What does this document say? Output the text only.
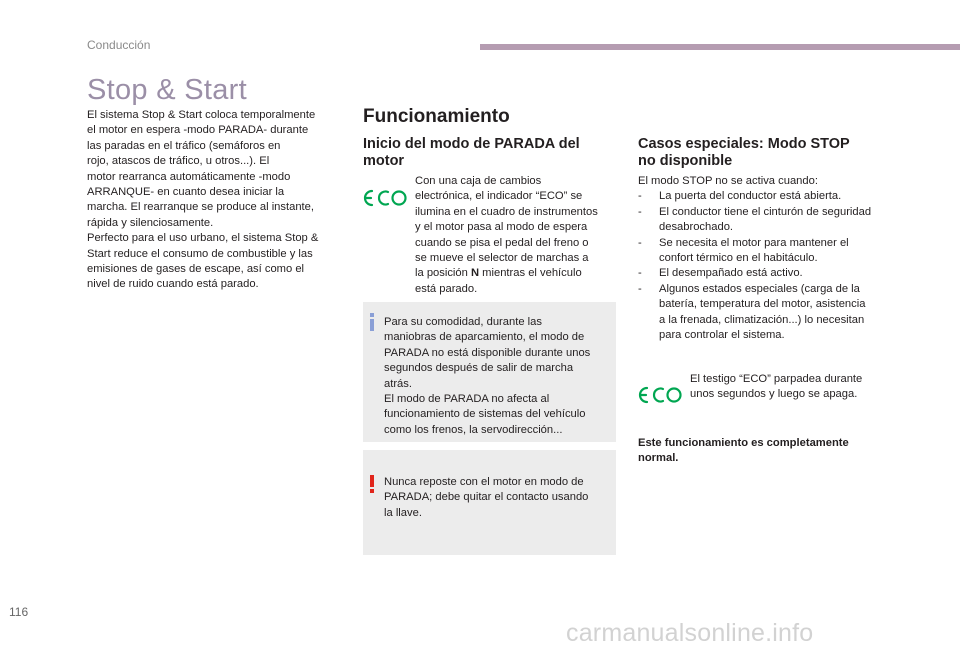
Conducción
Stop & Start
El sistema Stop & Start coloca temporalmente
el motor en espera -modo PARADA- durante
las paradas en el tráfico (semáforos en
rojo, atascos de tráfico, u otros...). El
motor rearranca automáticamente -modo
ARRANQUE- en cuanto desea iniciar la
marcha. El rearranque se produce al instante,
rápida y silenciosamente.
Perfecto para el uso urbano, el sistema Stop &
Start reduce el consumo de combustible y las
emisiones de gases de escape, así como el
nivel de ruido cuando está parado.
Funcionamiento
Inicio del modo de PARADA del
motor
Con una caja de cambios
electrónica, el indicador “ECO” se
ilumina en el cuadro de instrumentos
y el motor pasa al modo de espera
cuando se pisa el pedal del freno o
se mueve el selector de marchas a
la posición N mientras el vehículo
está parado.
Para su comodidad, durante las
maniobras de aparcamiento, el modo de
PARADA no está disponible durante unos
segundos después de salir de marcha
atrás.
El modo de PARADA no afecta al
funcionamiento de sistemas del vehículo
como los frenos, la servodirección...
Nunca reposte con el motor en modo de
PARADA; debe quitar el contacto usando
la llave.
Casos especiales: Modo STOP
no disponible
El modo STOP no se activa cuando:
- La puerta del conductor está abierta.
- El conductor tiene el cinturón de seguridad
desabrochado.
- Se necesita el motor para mantener el
confort térmico en el habitáculo.
- El desempañado está activo.
- Algunos estados especiales (carga de la
batería, temperatura del motor, asistencia
a la frenada, climatización...) lo necesitan
para controlar el sistema.
El testigo “ECO” parpadea durante
unos segundos y luego se apaga.
Este funcionamiento es completamente
normal.
116
carmanualsonline.info
